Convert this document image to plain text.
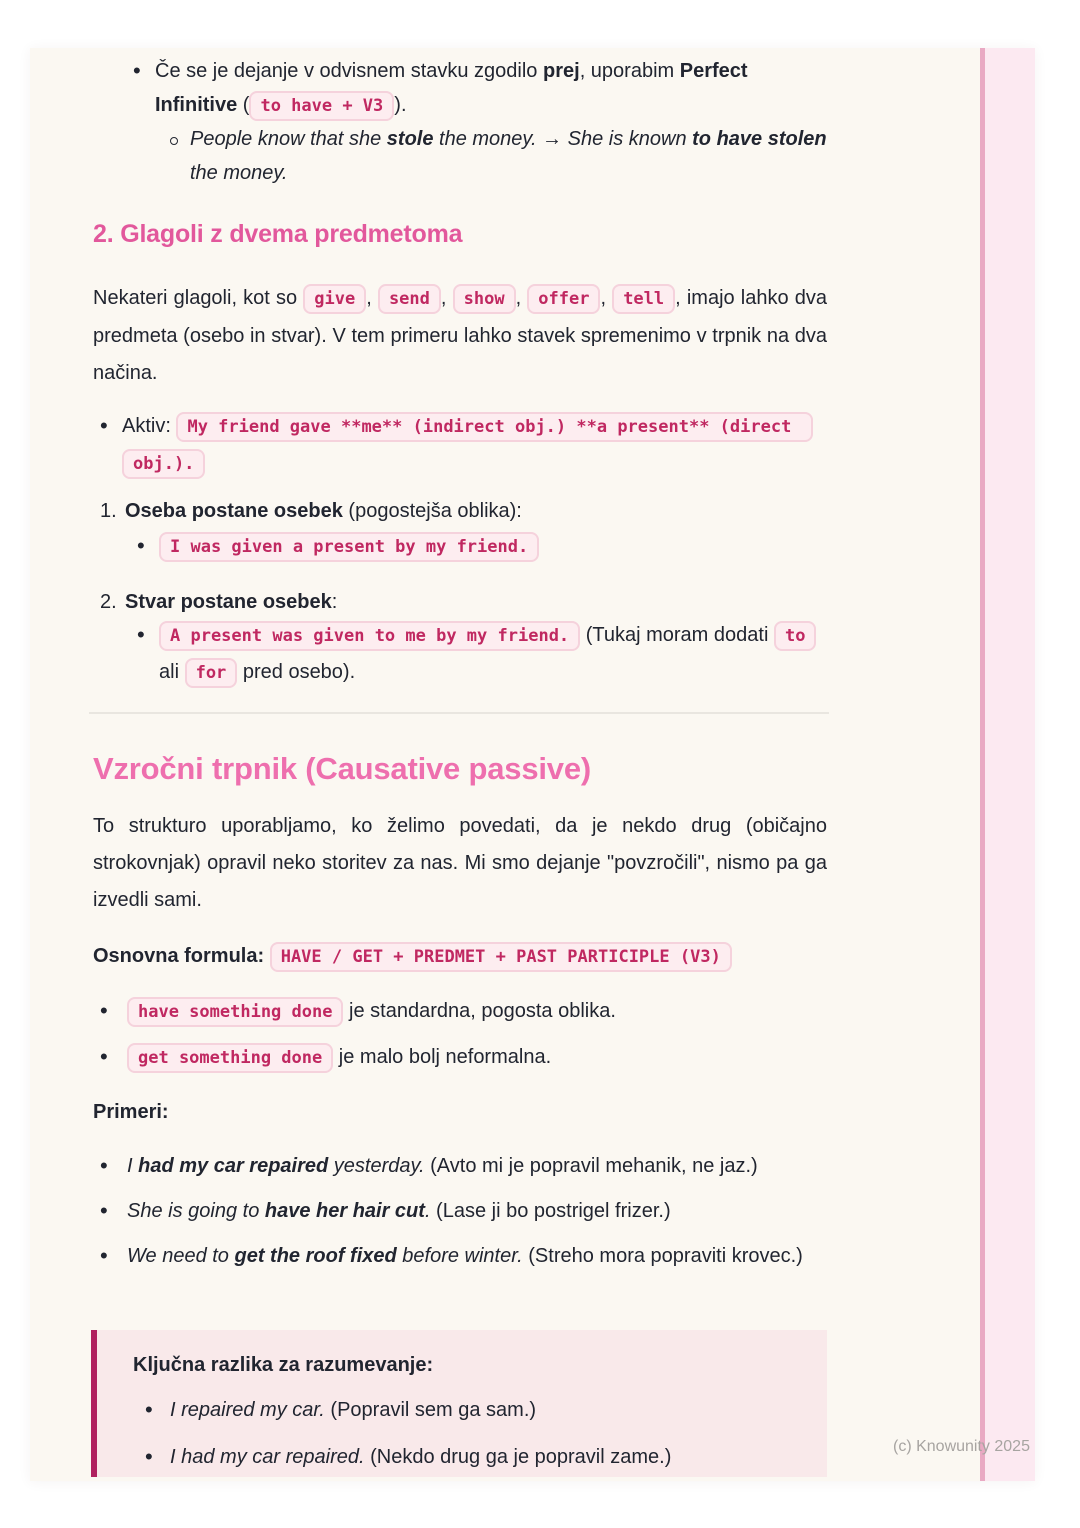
•
Če se je dejanje v odvisnem stavku zgodilo prej, uporabim Perfect Infinitive ( to have + V3 ).
People know that she stole the money. → She is known to have stolen the money.
2. Glagoli z dvema predmetoma

Nekateri glagoli, kot so give , send , show , offer , tell , imajo lahko dva predmeta (osebo in stvar). V tem primeru lahko stavek spremenimo v trpnik na dva načina.

•
Aktiv: My friend gave **me** (indirect obj.) **a present** (direct obj.).
1. Oseba postane osebek (pogostejša oblika):
•
I was given a present by my friend.
2. Stvar postane osebek:
•
A present was given to me by my friend. (Tukaj moram dodati to ali for pred osebo).
Vzročni trpnik (Causative passive)

To strukturo uporabljamo, ko želimo povedati, da je nekdo drug (običajno strokovnjak) opravil neko storitev za nas. Mi smo dejanje "povzročili", nismo pa ga izvedli sami.

Osnovna formula: HAVE / GET + PREDMET + PAST PARTICIPLE (V3)
•
have something done je standardna, pogosta oblika.
•
get something done je malo bolj neformalna.
Primeri:
•
I had my car repaired yesterday. (Avto mi je popravil mehanik, ne jaz.)
•
She is going to have her hair cut. (Lase ji bo postrigel frizer.)
•
We need to get the roof fixed before winter. (Streho mora popraviti krovec.)
Ključna razlika za razumevanje:
•
I repaired my car. (Popravil sem ga sam.)
•
I had my car repaired. (Nekdo drug ga je popravil zame.)	(c) Knowunity 2025
